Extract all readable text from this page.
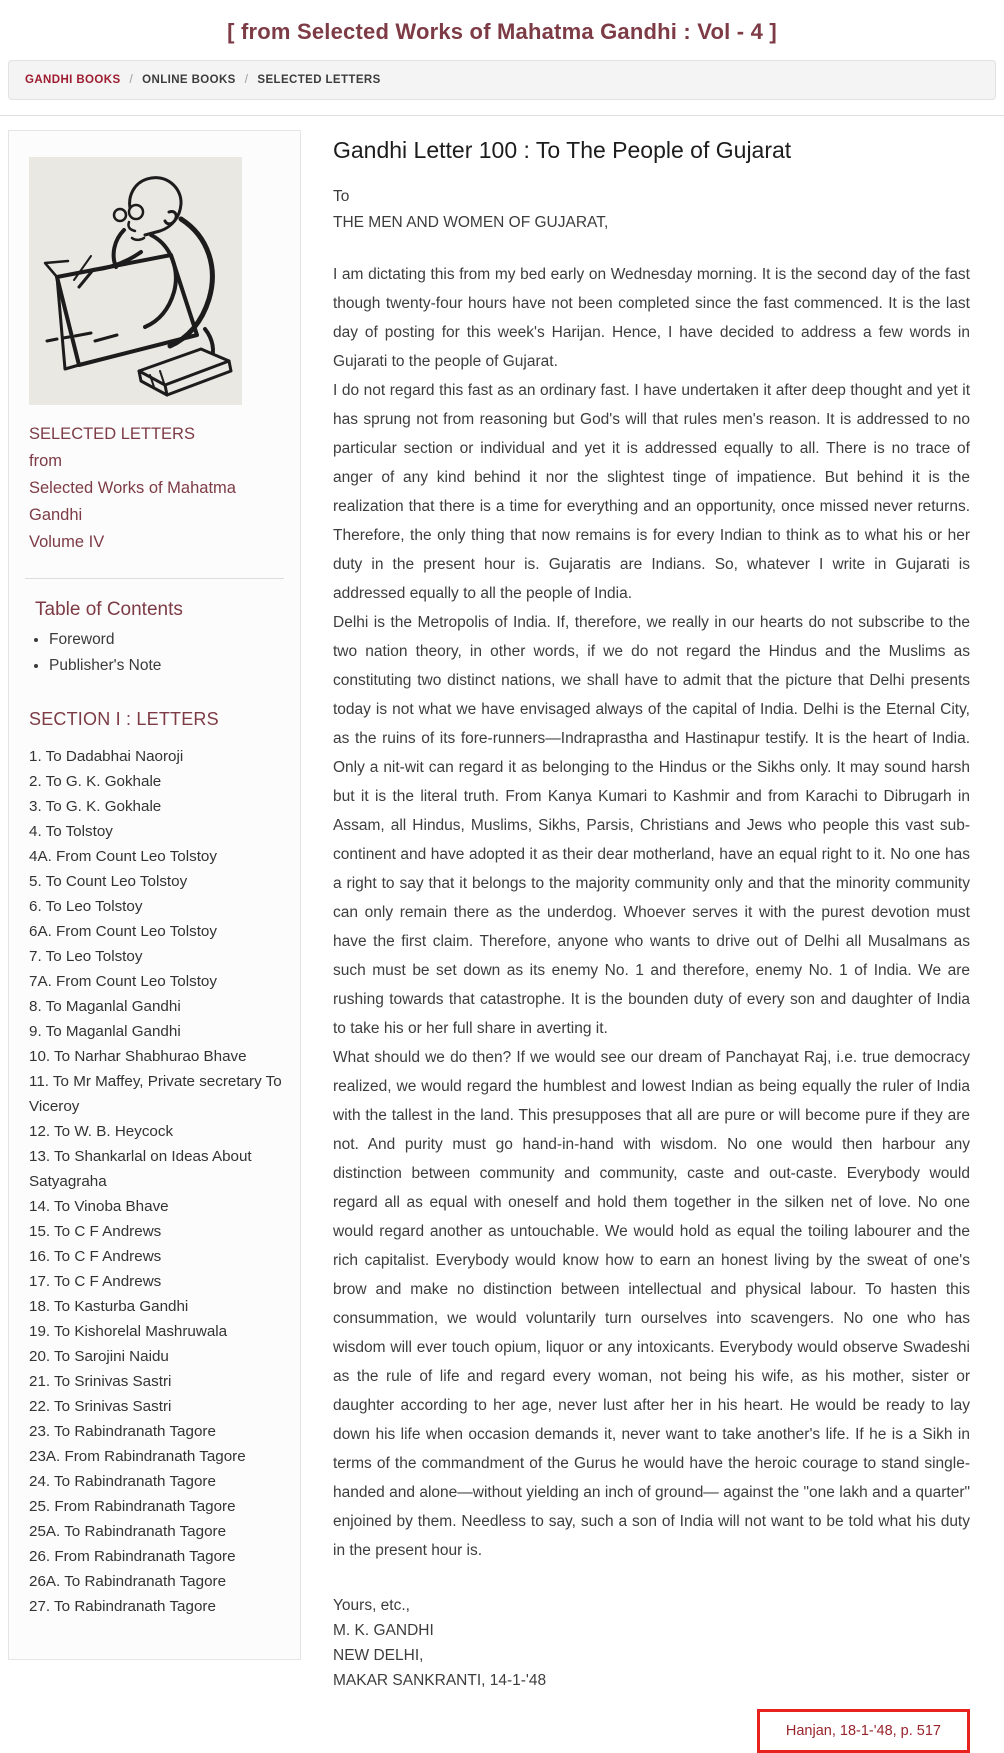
[ from Selected Works of Mahatma Gandhi : Vol - 4 ]
GANDHI BOOKS / ONLINE BOOKS / SELECTED LETTERS
SELECTED LETTERS
from
Selected Works of Mahatma Gandhi
Volume IV
Table of Contents
• Foreword
• Publisher's Note
SECTION I : LETTERS
1. To Dadabhai Naoroji
2. To G. K. Gokhale
3. To G. K. Gokhale
4. To Tolstoy
4A. From Count Leo Tolstoy
5. To Count Leo Tolstoy
6. To Leo Tolstoy
6A. From Count Leo Tolstoy
7. To Leo Tolstoy
7A. From Count Leo Tolstoy
8. To Maganlal Gandhi
9. To Maganlal Gandhi
10. To Narhar Shabhurao Bhave
11. To Mr Maffey, Private secretary To Viceroy
12. To W. B. Heycock
13. To Shankarlal on Ideas About Satyagraha
14. To Vinoba Bhave
15. To C F Andrews
16. To C F Andrews
17. To C F Andrews
18. To Kasturba Gandhi
19. To Kishorelal Mashruwala
20. To Sarojini Naidu
21. To Srinivas Sastri
22. To Srinivas Sastri
23. To Rabindranath Tagore
23A. From Rabindranath Tagore
24. To Rabindranath Tagore
25. From Rabindranath Tagore
25A. To Rabindranath Tagore
26. From Rabindranath Tagore
26A. To Rabindranath Tagore
27. To Rabindranath Tagore
Gandhi Letter 100 : To The People of Gujarat
To
THE MEN AND WOMEN OF GUJARAT,

I am dictating this from my bed early on Wednesday morning. It is the second day of the fast though twenty-four hours have not been completed since the fast commenced. It is the last day of posting for this week's Harijan. Hence, I have decided to address a few words in Gujarati to the people of Gujarat.

I do not regard this fast as an ordinary fast. I have undertaken it after deep thought and yet it has sprung not from reasoning but God's will that rules men's reason. It is addressed to no particular section or individual and yet it is addressed equally to all. There is no trace of anger of any kind behind it nor the slightest tinge of impatience. But behind it is the realization that there is a time for everything and an opportunity, once missed never returns. Therefore, the only thing that now remains is for every Indian to think as to what his or her duty in the present hour is. Gujaratis are Indians. So, whatever I write in Gujarati is addressed equally to all the people of India.

Delhi is the Metropolis of India. If, therefore, we really in our hearts do not subscribe to the two nation theory, in other words, if we do not regard the Hindus and the Muslims as constituting two distinct nations, we shall have to admit that the picture that Delhi presents today is not what we have envisaged always of the capital of India. Delhi is the Eternal City, as the ruins of its fore-runners—Indraprastha and Hastinapur testify. It is the heart of India. Only a nit-wit can regard it as belonging to the Hindus or the Sikhs only. It may sound harsh but it is the literal truth. From Kanya Kumari to Kashmir and from Karachi to Dibrugarh in Assam, all Hindus, Muslims, Sikhs, Parsis, Christians and Jews who people this vast sub-continent and have adopted it as their dear motherland, have an equal right to it. No one has a right to say that it belongs to the majority community only and that the minority community can only remain there as the underdog. Whoever serves it with the purest devotion must have the first claim. Therefore, anyone who wants to drive out of Delhi all Musalmans as such must be set down as its enemy No. 1 and therefore, enemy No. 1 of India. We are rushing towards that catastrophe. It is the bounden duty of every son and daughter of India to take his or her full share in averting it.

What should we do then? If we would see our dream of Panchayat Raj, i.e. true democracy realized, we would regard the humblest and lowest Indian as being equally the ruler of India with the tallest in the land. This presupposes that all are pure or will become pure if they are not. And purity must go hand-in-hand with wisdom. No one would then harbour any distinction between community and community, caste and out-caste. Everybody would regard all as equal with oneself and hold them together in the silken net of love. No one would regard another as untouchable. We would hold as equal the toiling labourer and the rich capitalist. Everybody would know how to earn an honest living by the sweat of one's brow and make no distinction between intellectual and physical labour. To hasten this consummation, we would voluntarily turn ourselves into scavengers. No one who has wisdom will ever touch opium, liquor or any intoxicants. Everybody would observe Swadeshi as the rule of life and regard every woman, not being his wife, as his mother, sister or daughter according to her age, never lust after her in his heart. He would be ready to lay down his life when occasion demands it, never want to take another's life. If he is a Sikh in terms of the commandment of the Gurus he would have the heroic courage to stand single- handed and alone—without yielding an inch of ground— against the "one lakh and a quarter" enjoined by them. Needless to say, such a son of India will not want to be told what his duty in the present hour is.

Yours, etc.,
M. K. GANDHI
NEW DELHI,
MAKAR SANKRANTI, 14-1-'48
Hanjan, 18-1-'48, p. 517
